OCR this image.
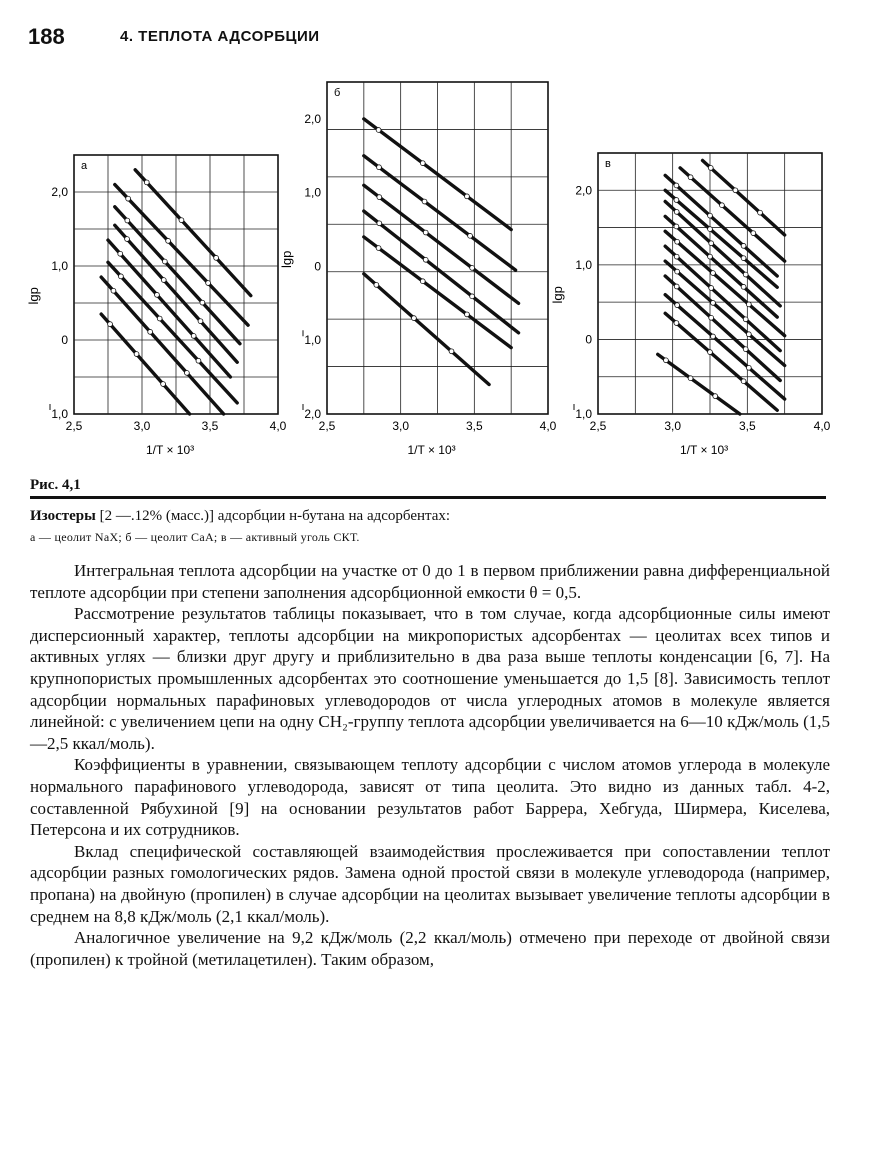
188	4. ТЕПЛОТА АДСОРБЦИИ
а
2,5	3,0	3,5	4,0
1,0
0
1,0
2,0
lgp
1/T × 10³
б
2,5	3,0	3,5	4,0
2,0
1,0
0
1,0
2,0
lgp
1/T × 10³
в
2,5	3,0	3,5	4,0
1,0
0
1,0
2,0
lgp
1/T × 10³
Рис. 4,1
Изостеры [2 —.12% (масс.)] адсорбции н-бутана на адсорбентах:
а — цеолит NaX; б — цеолит CaA; в — активный уголь СКТ.

Интегральная теплота адсорбции на участке от 0 до 1 в первом приближении равна дифференциальной теплоте адсорбции при степени заполнения адсорбционной емкости θ = 0,5.

Рассмотрение результатов таблицы показывает, что в том случае, когда адсорбционные силы имеют дисперсионный характер, теплоты адсорбции на микропористых адсорбентах — цеолитах всех типов и активных углях — близки друг другу и приблизительно в два раза выше теплоты конденсации [6, 7]. На крупнопористых промышленных адсорбентах это соотношение уменьшается до 1,5 [8]. Зависимость теплот адсорбции нормальных парафиновых углеводородов от числа углеродных атомов в молекуле является линейной: с увеличением цепи на одну CH₂-группу теплота адсорбции увеличивается на 6—10 кДж/моль (1,5—2,5 ккал/моль).

Коэффициенты в уравнении, связывающем теплоту адсорбции с числом атомов углерода в молекуле нормального парафинового углеводорода, зависят от типа цеолита. Это видно из данных табл. 4-2, составленной Рябухиной [9] на основании результатов работ Баррера, Хебгуда, Ширмера, Киселева, Петерсона и их сотрудников.

Вклад специфической составляющей взаимодействия прослеживается при сопоставлении теплот адсорбции разных гомологических рядов. Замена одной простой связи в молекуле углеводорода (например, пропана) на двойную (пропилен) в случае адсорбции на цеолитах вызывает увеличение теплоты адсорбции в среднем на 8,8 кДж/моль (2,1 ккал/моль).

Аналогичное увеличение на 9,2 кДж/моль (2,2 ккал/моль) отмечено при переходе от двойной связи (пропилен) к тройной (метилацетилен). Таким образом,
